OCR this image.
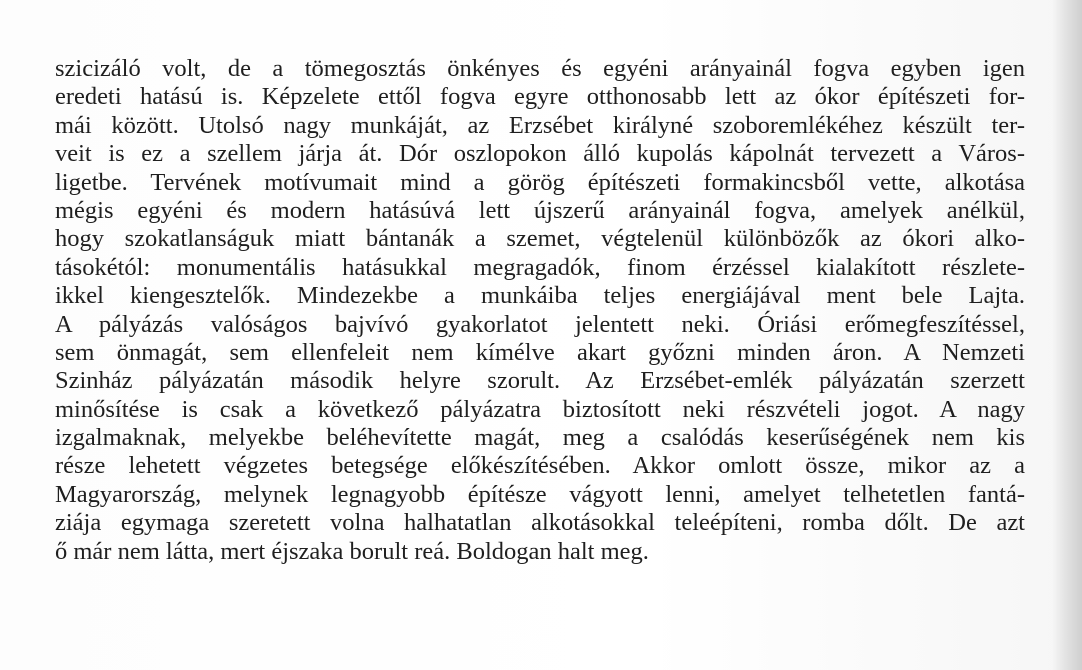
szicizáló volt, de a tömegosztás önkényes és egyéni arányainál fogva egyben igen
eredeti hatású is. Képzelete ettől fogva egyre otthonosabb lett az ókor építészeti for-
mái között. Utolsó nagy munkáját, az Erzsébet királyné szoboremlékéhez készült ter-
veit is ez a szellem járja át. Dór oszlopokon álló kupolás kápolnát tervezett a Város-
ligetbe. Tervének motívumait mind a görög építészeti formakincsből vette, alkotása
mégis egyéni és modern hatásúvá lett újszerű arányainál fogva, amelyek anélkül,
hogy szokatlanságuk miatt bántanák a szemet, végtelenül különbözők az ókori alko-
tásokétól: monumentális hatásukkal megragadók, finom érzéssel kialakított részlete-
ikkel kiengesztelők. Mindezekbe a munkáiba teljes energiájával ment bele Lajta.
A pályázás valóságos bajvívó gyakorlatot jelentett neki. Óriási erőmegfeszítéssel,
sem önmagát, sem ellenfeleit nem kímélve akart győzni minden áron. A Nemzeti
Szinház pályázatán második helyre szorult. Az Erzsébet-emlék pályázatán szerzett
minősítése is csak a következő pályázatra biztosított neki részvételi jogot. A nagy
izgalmaknak, melyekbe beléhevítette magát, meg a csalódás keserűségének nem kis
része lehetett végzetes betegsége előkészítésében. Akkor omlott össze, mikor az a
Magyarország, melynek legnagyobb építésze vágyott lenni, amelyet telhetetlen fantá-
ziája egymaga szeretett volna halhatatlan alkotásokkal teleépíteni, romba dőlt. De azt
ő már nem látta, mert éjszaka borult reá. Boldogan halt meg.
